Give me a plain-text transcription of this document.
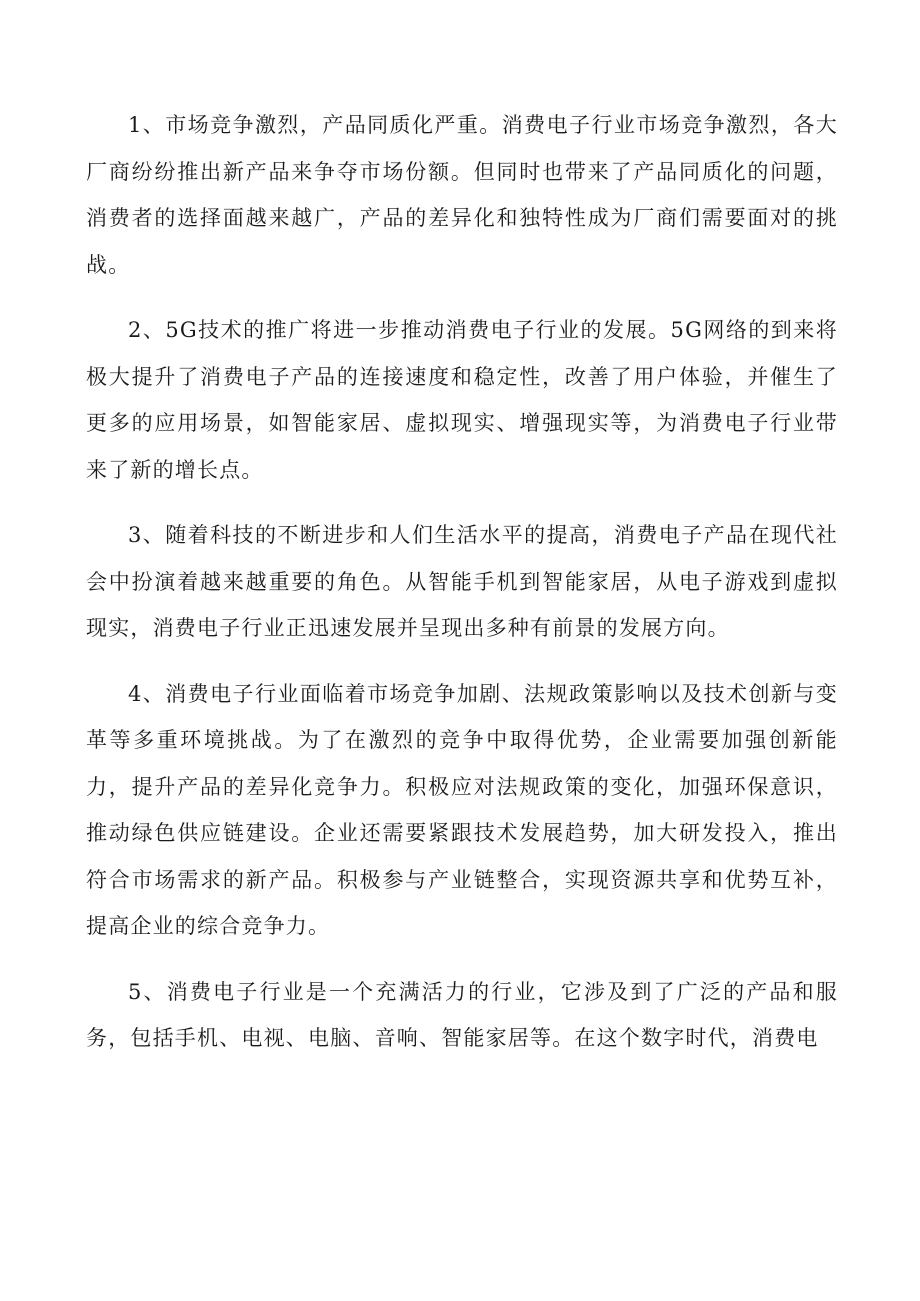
1、市场竞争激烈，产品同质化严重。消费电子行业市场竞争激烈，各大厂商纷纷推出新产品来争夺市场份额。但同时也带来了产品同质化的问题，消费者的选择面越来越广，产品的差异化和独特性成为厂商们需要面对的挑战。

2、5G技术的推广将进一步推动消费电子行业的发展。5G网络的到来将极大提升了消费电子产品的连接速度和稳定性，改善了用户体验，并催生了更多的应用场景，如智能家居、虚拟现实、增强现实等，为消费电子行业带来了新的增长点。

3、随着科技的不断进步和人们生活水平的提高，消费电子产品在现代社会中扮演着越来越重要的角色。从智能手机到智能家居，从电子游戏到虚拟现实，消费电子行业正迅速发展并呈现出多种有前景的发展方向。

4、消费电子行业面临着市场竞争加剧、法规政策影响以及技术创新与变革等多重环境挑战。为了在激烈的竞争中取得优势，企业需要加强创新能力，提升产品的差异化竞争力。积极应对法规政策的变化，加强环保意识，推动绿色供应链建设。企业还需要紧跟技术发展趋势，加大研发投入，推出符合市场需求的新产品。积极参与产业链整合，实现资源共享和优势互补，提高企业的综合竞争力。

5、消费电子行业是一个充满活力的行业，它涉及到了广泛的产品和服务，包括手机、电视、电脑、音响、智能家居等。在这个数字时代，消费电
